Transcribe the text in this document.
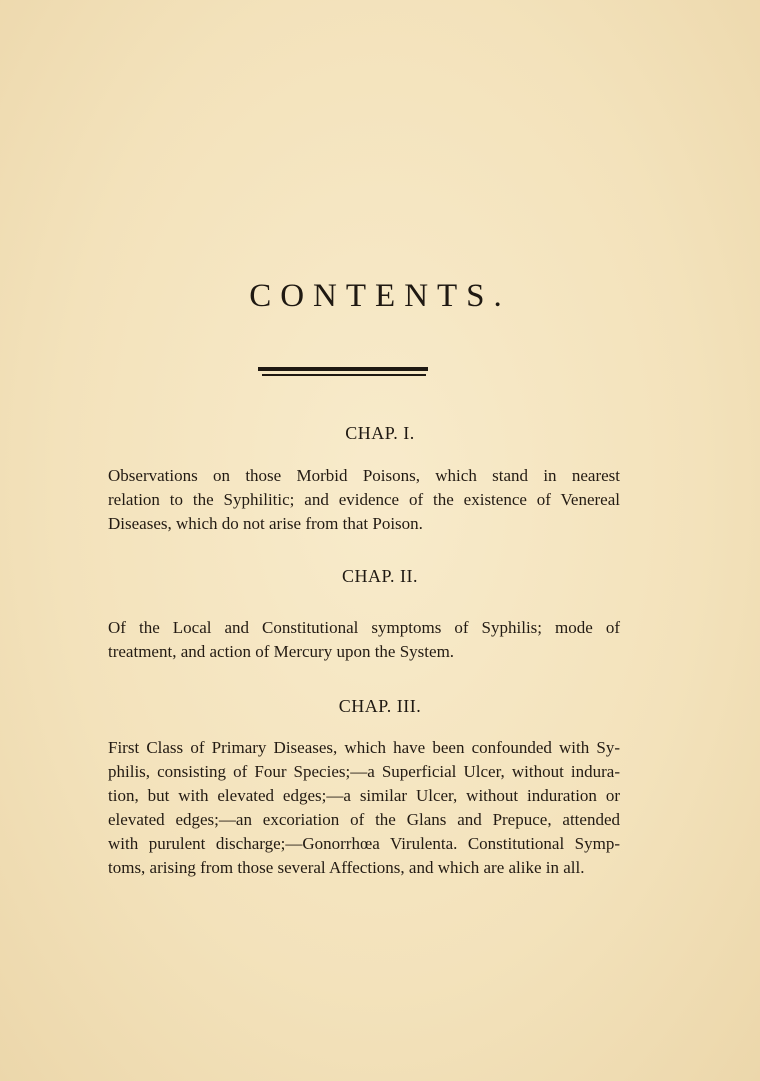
CONTENTS.
CHAP. I.
Observations on those Morbid Poisons, which stand in nearest
relation to the Syphilitic; and evidence of the existence of Venereal
Diseases, which do not arise from that Poison.
CHAP. II.
Of the Local and Constitutional symptoms of Syphilis; mode of
treatment, and action of Mercury upon the System.
CHAP. III.
First Class of Primary Diseases, which have been confounded with Sy-
philis, consisting of Four Species;—a Superficial Ulcer, without indura-
tion, but with elevated edges;—a similar Ulcer, without induration or
elevated edges;—an excoriation of the Glans and Prepuce, attended
with purulent discharge;—Gonorrhœa Virulenta. Constitutional Symp-
toms, arising from those several Affections, and which are alike in all.
